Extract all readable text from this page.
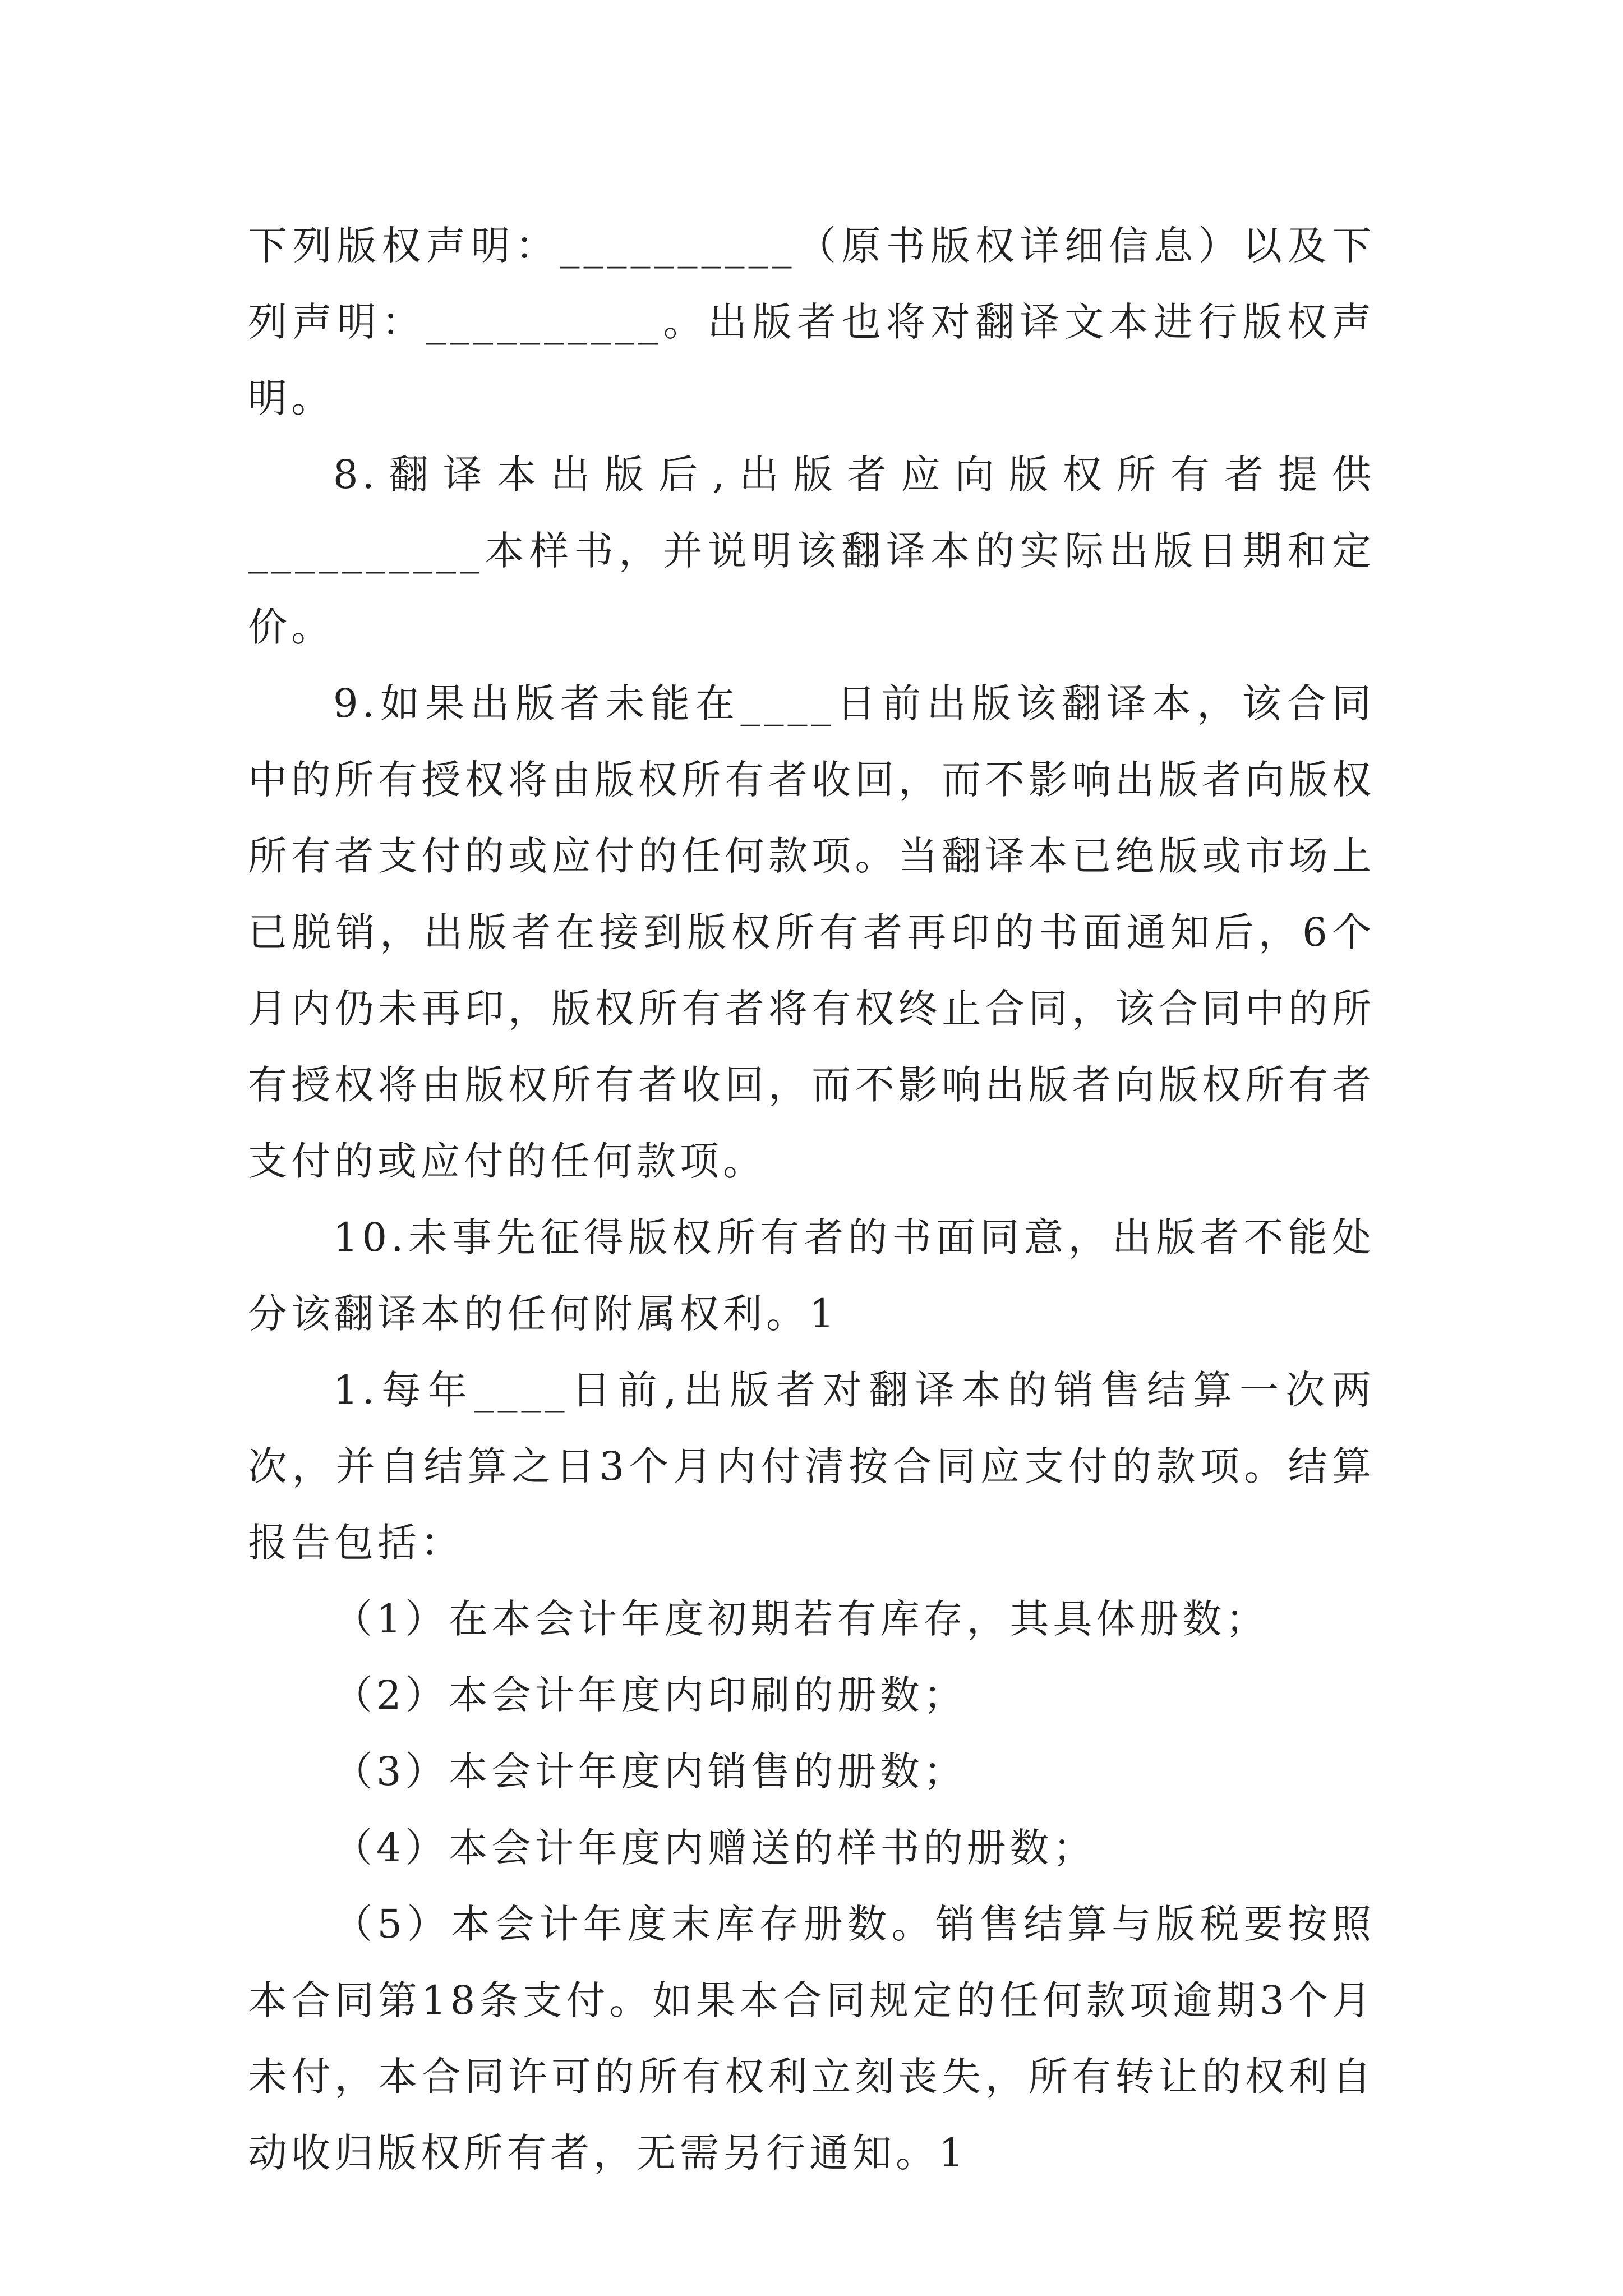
下列版权声明：__________（原书版权详细信息）以及下列声明：__________。出版者也将对翻译文本进行版权声明。

8.翻译本出版后,出版者应向版权所有者提供__________本样书，并说明该翻译本的实际出版日期和定价。

9.如果出版者未能在____日前出版该翻译本，该合同中的所有授权将由版权所有者收回，而不影响出版者向版权所有者支付的或应付的任何款项。当翻译本已绝版或市场上已脱销，出版者在接到版权所有者再印的书面通知后，6个月内仍未再印，版权所有者将有权终止合同，该合同中的所有授权将由版权所有者收回，而不影响出版者向版权所有者支付的或应付的任何款项。

10.未事先征得版权所有者的书面同意，出版者不能处分该翻译本的任何附属权利。1

1.每年____日前,出版者对翻译本的销售结算一次两次，并自结算之日3个月内付清按合同应支付的款项。结算报告包括：

（1）在本会计年度初期若有库存，其具体册数；

（2）本会计年度内印刷的册数；

（3）本会计年度内销售的册数；

（4）本会计年度内赠送的样书的册数；

（5）本会计年度末库存册数。销售结算与版税要按照本合同第18条支付。如果本合同规定的任何款项逾期3个月未付，本合同许可的所有权利立刻丧失，所有转让的权利自动收归版权所有者，无需另行通知。1
